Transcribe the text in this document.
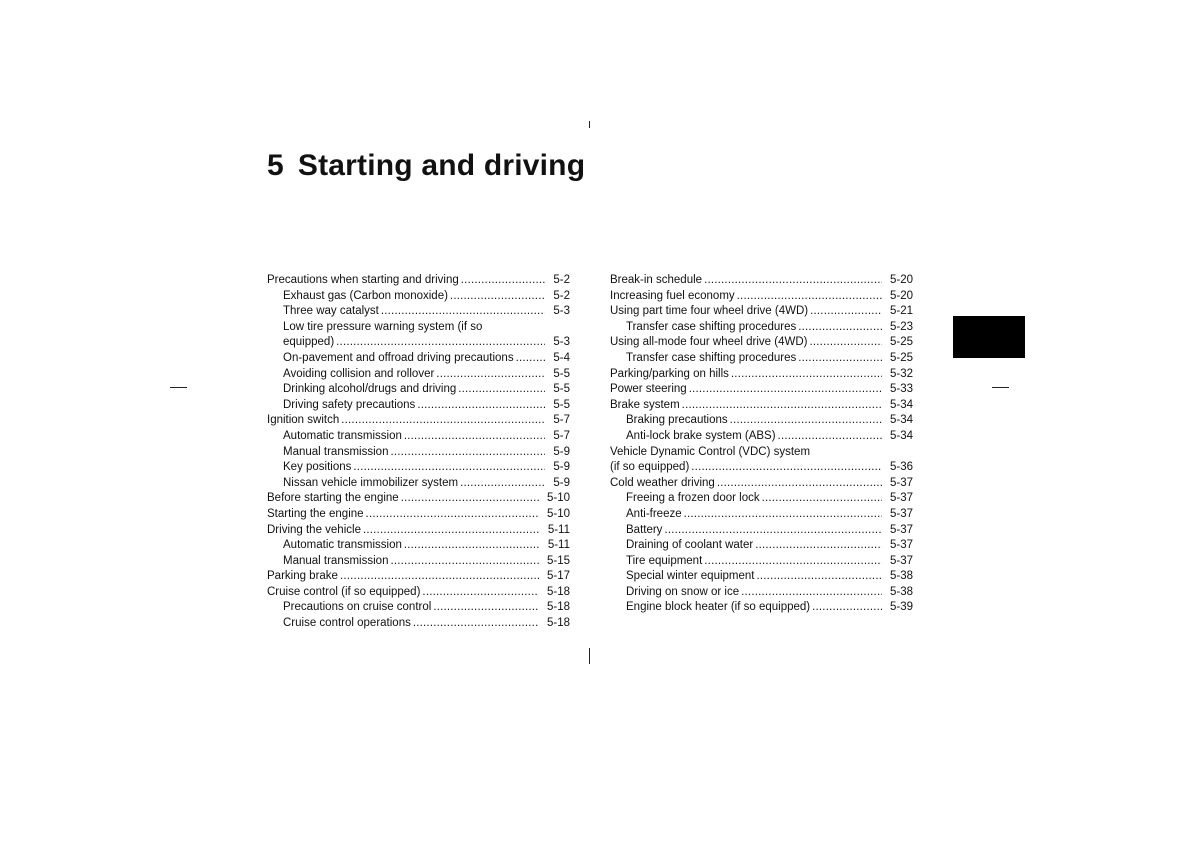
5 Starting and driving
Precautions when starting and driving .....	5-2
Exhaust gas (Carbon monoxide) .....	5-2
Three way catalyst .....	5-3
Low tire pressure warning system (if so
equipped) .....	5-3
On-pavement and offroad driving precautions .....	5-4
Avoiding collision and rollover .....	5-5
Drinking alcohol/drugs and driving .....	5-5
Driving safety precautions .....	5-5
Ignition switch .....	5-7
Automatic transmission .....	5-7
Manual transmission .....	5-9
Key positions .....	5-9
Nissan vehicle immobilizer system .....	5-9
Before starting the engine .....	5-10
Starting the engine .....	5-10
Driving the vehicle .....	5-11
Automatic transmission .....	5-11
Manual transmission .....	5-15
Parking brake .....	5-17
Cruise control (if so equipped) .....	5-18
Precautions on cruise control .....	5-18
Cruise control operations .....	5-18
Break-in schedule .....	5-20
Increasing fuel economy .....	5-20
Using part time four wheel drive (4WD) .....	5-21
Transfer case shifting procedures .....	5-23
Using all-mode four wheel drive (4WD) .....	5-25
Transfer case shifting procedures .....	5-25
Parking/parking on hills .....	5-32
Power steering .....	5-33
Brake system .....	5-34
Braking precautions .....	5-34
Anti-lock brake system (ABS) .....	5-34
Vehicle Dynamic Control (VDC) system
(if so equipped) .....	5-36
Cold weather driving .....	5-37
Freeing a frozen door lock .....	5-37
Anti-freeze .....	5-37
Battery .....	5-37
Draining of coolant water .....	5-37
Tire equipment .....	5-37
Special winter equipment .....	5-38
Driving on snow or ice .....	5-38
Engine block heater (if so equipped) .....	5-39
